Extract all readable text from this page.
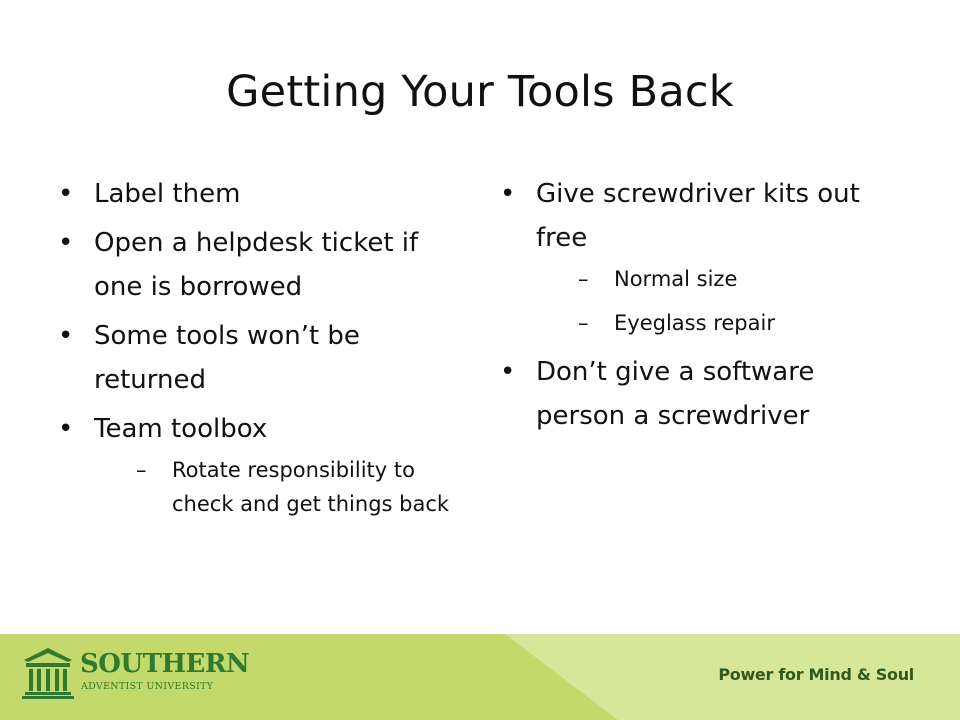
Getting Your Tools Back
• Label them
• Open a helpdesk ticket if one is borrowed
• Some tools won’t be returned
• Team toolbox
– Rotate responsibility to check and get things back
• Give screwdriver kits out free
– Normal size
– Eyeglass repair
• Don’t give a software person a screwdriver
SOUTHERN
ADVENTIST UNIVERSITY
Power for Mind & Soul
